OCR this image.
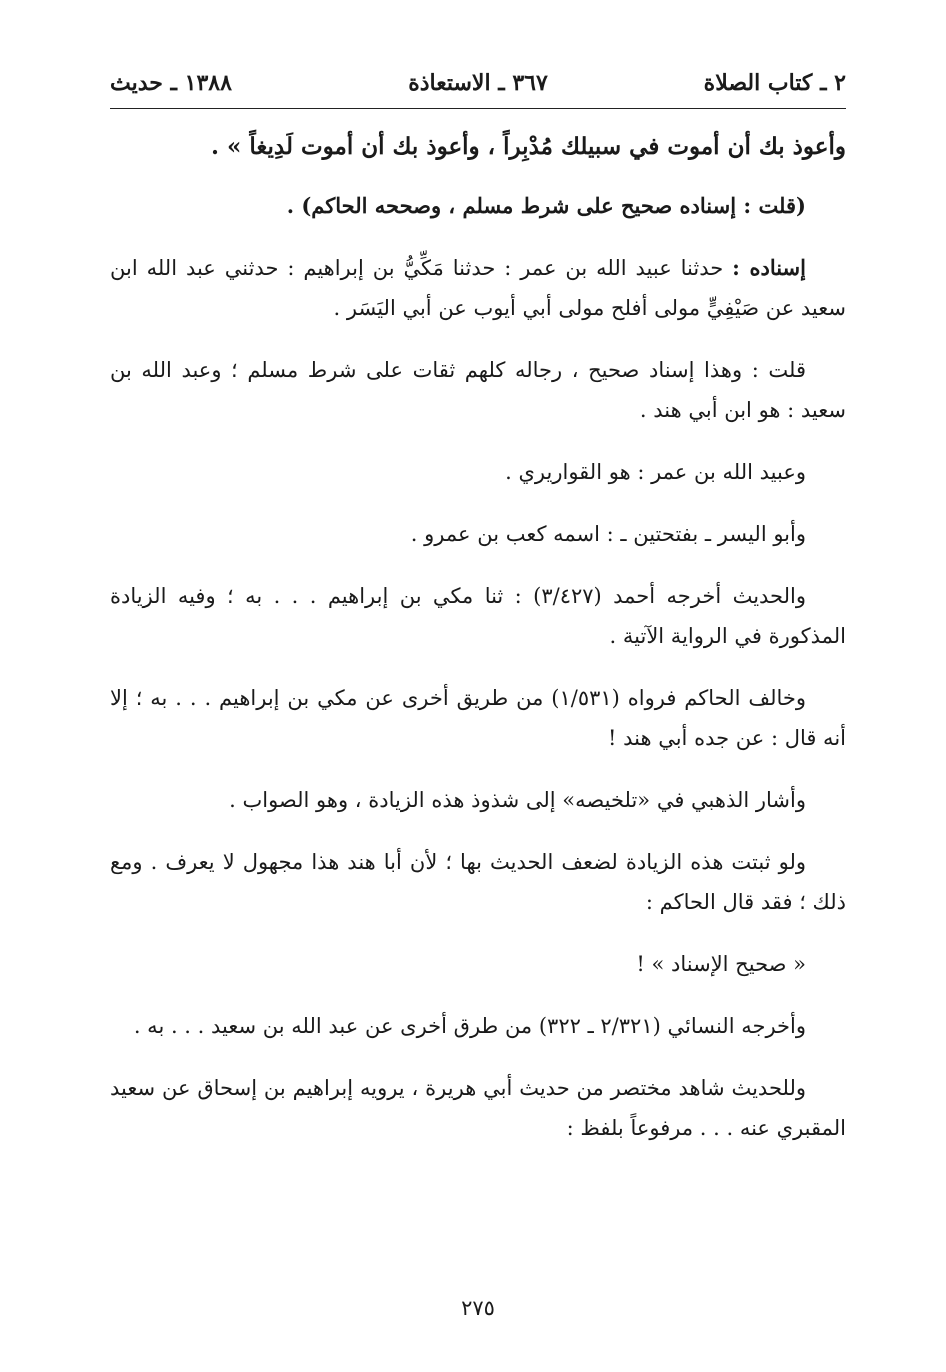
٢ ـ كتاب الصلاة
٣٦٧ ـ الاستعاذة
١٣٨٨ ـ حديث

وأعوذ بك أن أموت في سبيلك مُدْبِراً ، وأعوذ بك أن أموت لَدِيغاً » .

(قلت : إسناده صحيح على شرط مسلم ، وصححه الحاكم) .

إسناده : حدثنا عبيد الله بن عمر : حدثنا مَكِّيُّ بن إبراهيم : حدثني عبد الله ابن سعيد عن صَيْفِيٍّ مولى أفلح مولى أبي أيوب عن أبي اليَسَر .

قلت : وهذا إسناد صحيح ، رجاله كلهم ثقات على شرط مسلم ؛ وعبد الله بن سعيد : هو ابن أبي هند .

وعبيد الله بن عمر : هو القواريري .

وأبو اليسر ـ بفتحتين ـ : اسمه كعب بن عمرو .

والحديث أخرجه أحمد (٣/٤٢٧) : ثنا مكي بن إبراهيم . . . به ؛ وفيه الزيادة المذكورة في الرواية الآتية .

وخالف الحاكم فرواه (١/٥٣١) من طريق أخرى عن مكي بن إبراهيم . . . به ؛ إلا أنه قال : عن جده أبي هند !

وأشار الذهبي في «تلخيصه» إلى شذوذ هذه الزيادة ، وهو الصواب .

ولو ثبتت هذه الزيادة لضعف الحديث بها ؛ لأن أبا هند هذا مجهول لا يعرف . ومع ذلك ؛ فقد قال الحاكم :

« صحيح الإسناد » !

وأخرجه النسائي (٢/٣٢١ ـ ٣٢٢) من طرق أخرى عن عبد الله بن سعيد . . . به .

وللحديث شاهد مختصر من حديث أبي هريرة ، يرويه إبراهيم بن إسحاق عن سعيد المقبري عنه . . . مرفوعاً بلفظ :

٢٧٥
